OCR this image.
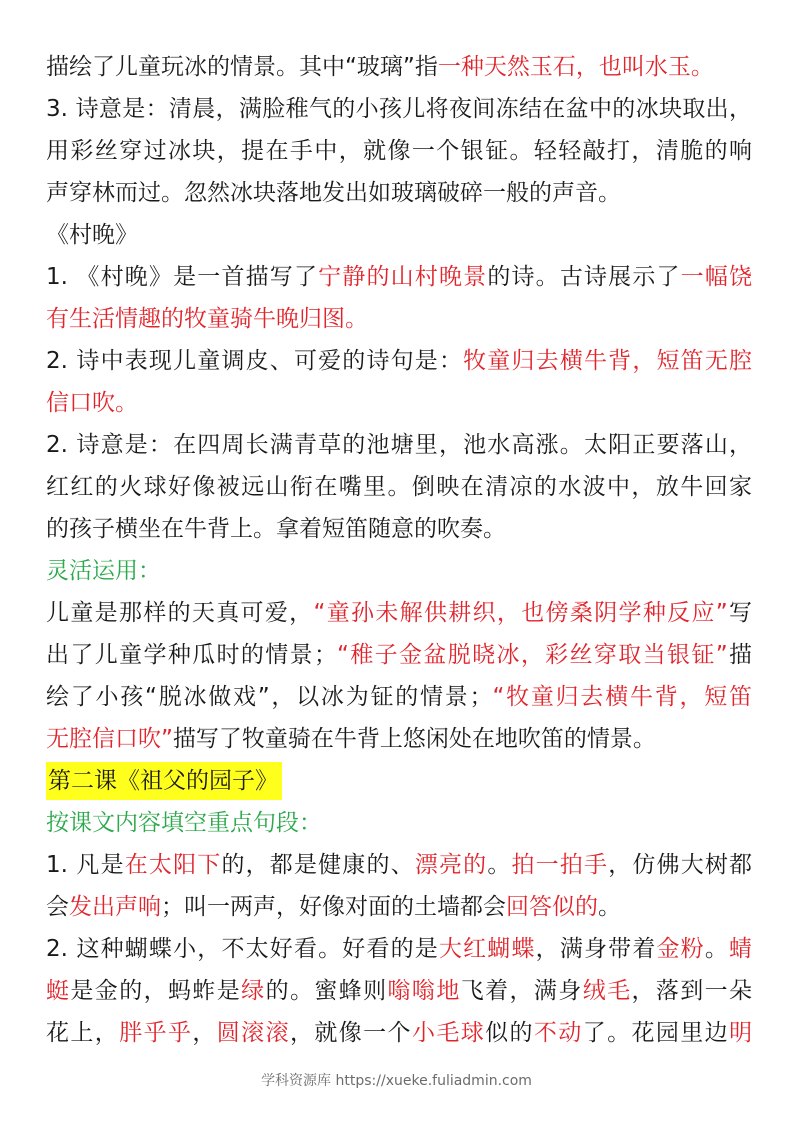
描绘了儿童玩冰的情景。其中“玻璃”指一种天然玉石，也叫水玉。
3. 诗意是：清晨，满脸稚气的小孩儿将夜间冻结在盆中的冰块取出，
用彩丝穿过冰块，提在手中，就像一个银钲。轻轻敲打，清脆的响
声穿林而过。忽然冰块落地发出如玻璃破碎一般的声音。
《村晚》
1. 《村晚》是一首描写了宁静的山村晚景的诗。古诗展示了一幅饶
有生活情趣的牧童骑牛晚归图。
2. 诗中表现儿童调皮、可爱的诗句是：牧童归去横牛背，短笛无腔
信口吹。
2. 诗意是：在四周长满青草的池塘里，池水高涨。太阳正要落山，
红红的火球好像被远山衔在嘴里。倒映在清凉的水波中，放牛回家
的孩子横坐在牛背上。拿着短笛随意的吹奏。
灵活运用：
儿童是那样的天真可爱，“童孙未解供耕织，也傍桑阴学种反应”写
出了儿童学种瓜时的情景；“稚子金盆脱晓冰，彩丝穿取当银钲”描
绘了小孩“脱冰做戏”，以冰为钲的情景；“牧童归去横牛背，短笛
无腔信口吹”描写了牧童骑在牛背上悠闲处在地吹笛的情景。
第二课《祖父的园子》
按课文内容填空重点句段：
1. 凡是在太阳下的，都是健康的、漂亮的。拍一拍手，仿佛大树都
会发出声响；叫一两声，好像对面的土墙都会回答似的。
2. 这种蝴蝶小，不太好看。好看的是大红蝴蝶，满身带着金粉。蜻
蜓是金的，蚂蚱是绿的。蜜蜂则嗡嗡地飞着，满身绒毛，落到一朵
花上，胖乎乎，圆滚滚，就像一个小毛球似的不动了。花园里边明
学科资源库 https://xueke.fuliadmin.com
